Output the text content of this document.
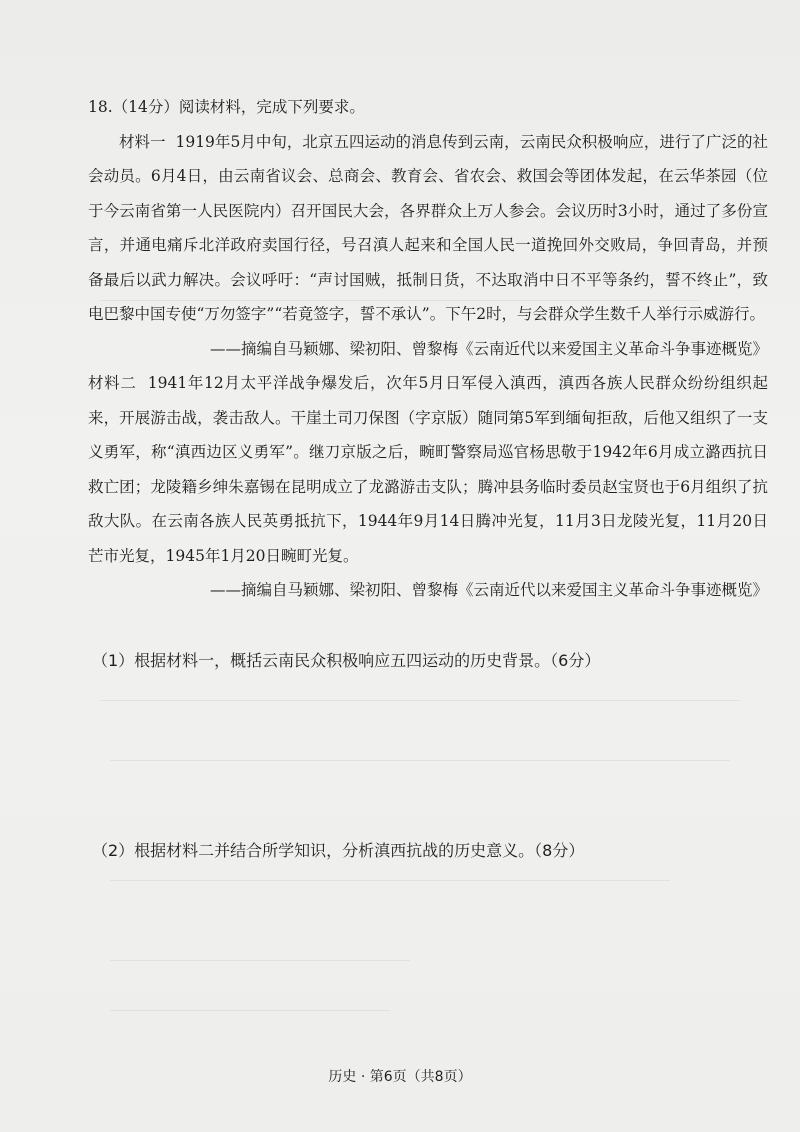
18.（14分）阅读材料，完成下列要求。

材料一 1919年5月中旬，北京五四运动的消息传到云南，云南民众积极响应，进行了广泛的社会动员。6月4日，由云南省议会、总商会、教育会、省农会、救国会等团体发起，在云华茶园（位于今云南省第一人民医院内）召开国民大会，各界群众上万人参会。会议历时3小时，通过了多份宣言，并通电痛斥北洋政府卖国行径，号召滇人起来和全国人民一道挽回外交败局，争回青岛，并预备最后以武力解决。会议呼吁：“声讨国贼，抵制日货，不达取消中日不平等条约，誓不终止”，致电巴黎中国专使“万勿签字”“若竟签字，誓不承认”。下午2时，与会群众学生数千人举行示威游行。

——摘编自马颖娜、梁初阳、曾黎梅《云南近代以来爱国主义革命斗争事迹概览》

材料二 1941年12月太平洋战争爆发后，次年5月日军侵入滇西，滇西各族人民群众纷纷组织起来，开展游击战，袭击敌人。干崖土司刀保图（字京版）随同第5军到缅甸拒敌，后他又组织了一支义勇军，称“滇西边区义勇军”。继刀京版之后，畹町警察局巡官杨思敬于1942年6月成立潞西抗日救亡团；龙陵籍乡绅朱嘉锡在昆明成立了龙潞游击支队；腾冲县务临时委员赵宝贤也于6月组织了抗敌大队。在云南各族人民英勇抵抗下，1944年9月14日腾冲光复，11月3日龙陵光复，11月20日芒市光复，1945年1月20日畹町光复。

——摘编自马颖娜、梁初阳、曾黎梅《云南近代以来爱国主义革命斗争事迹概览》

（1）根据材料一，概括云南民众积极响应五四运动的历史背景。（6分）

（2）根据材料二并结合所学知识，分析滇西抗战的历史意义。（8分）

历史 · 第6页（共8页）
